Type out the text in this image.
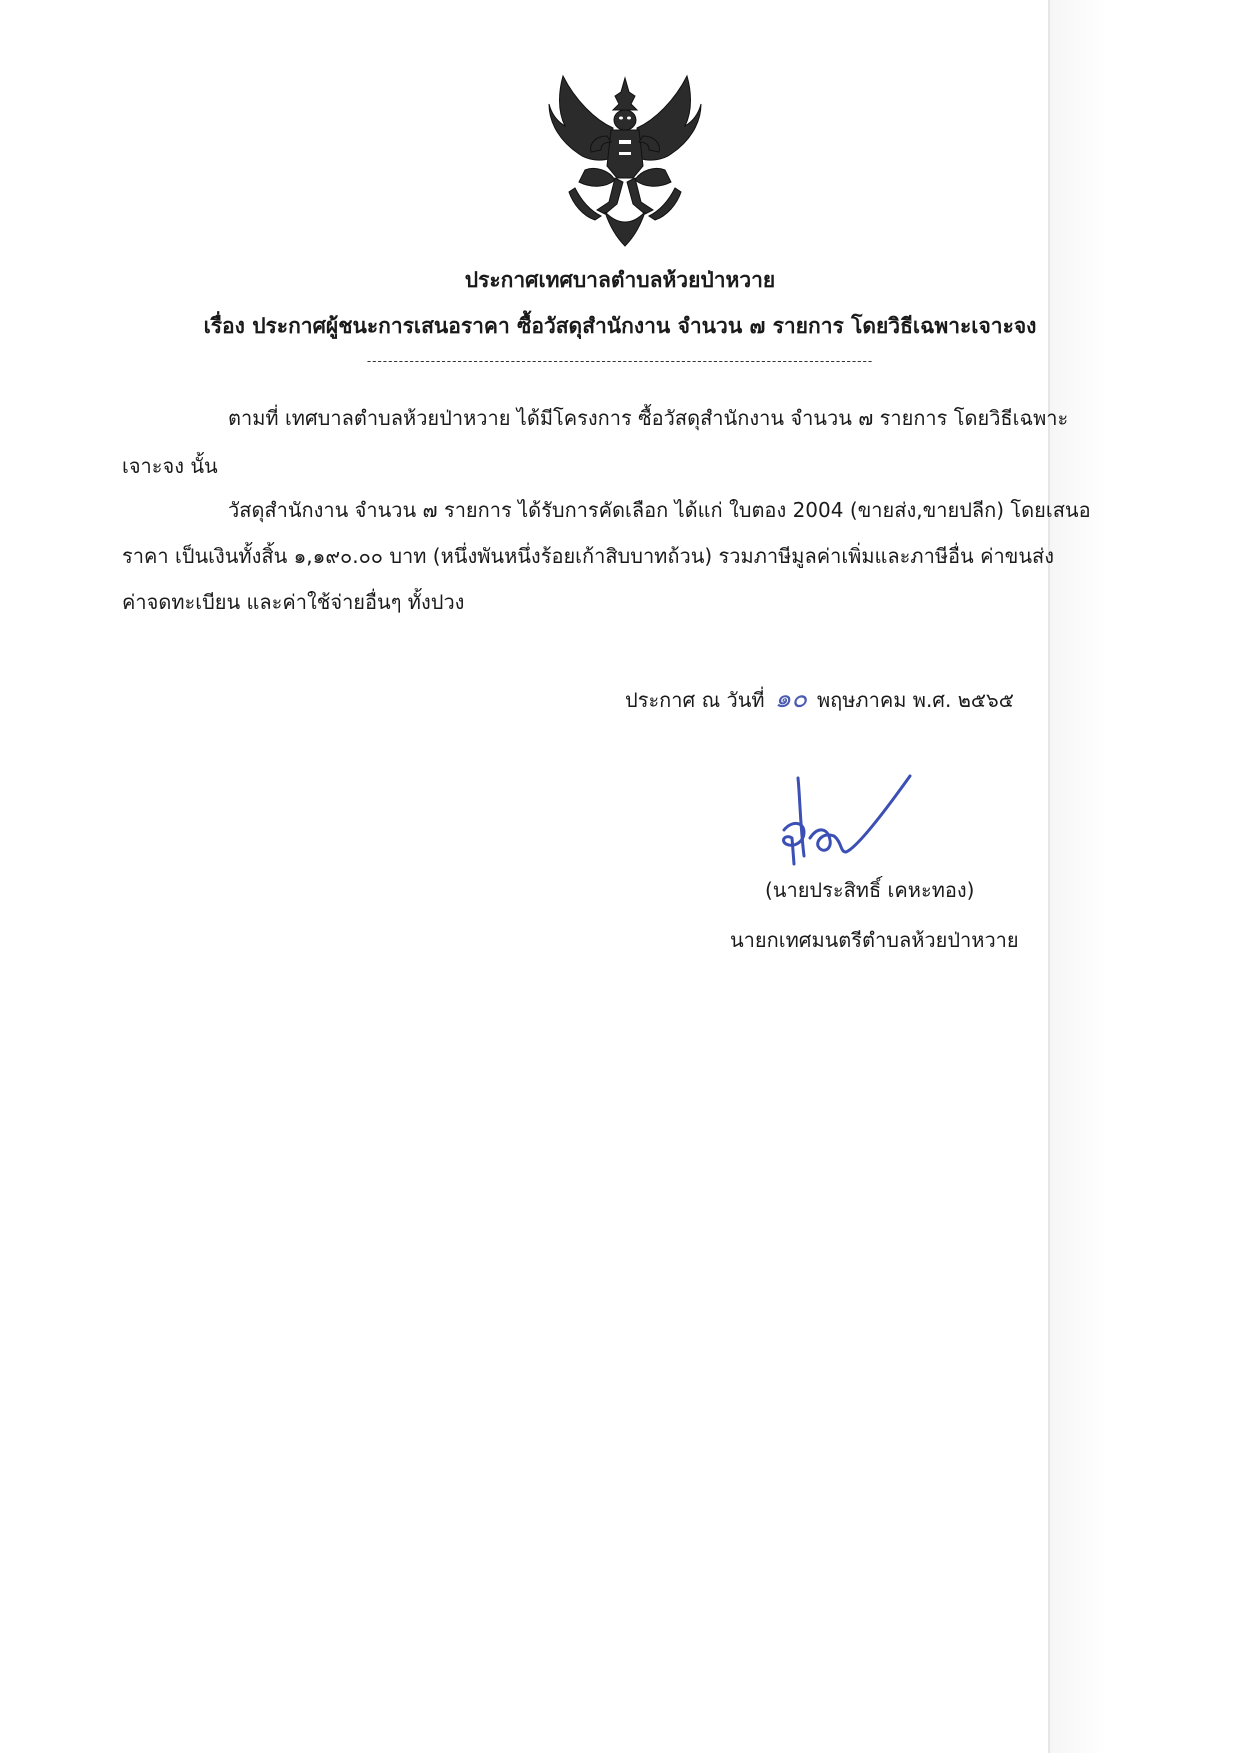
ประกาศเทศบาลตำบลห้วยป่าหวาย
เรื่อง ประกาศผู้ชนะการเสนอราคา ซื้อวัสดุสำนักงาน จำนวน ๗ รายการ โดยวิธีเฉพาะเจาะจง
-----------------------------------------------------------------------------------------------
ตามที่ เทศบาลตำบลห้วยป่าหวาย ได้มีโครงการ ซื้อวัสดุสำนักงาน จำนวน ๗ รายการ โดยวิธีเฉพาะ
เจาะจง นั้น
วัสดุสำนักงาน จำนวน ๗ รายการ ได้รับการคัดเลือก ได้แก่ ใบตอง 2004 (ขายส่ง,ขายปลีก) โดยเสนอ
ราคา เป็นเงินทั้งสิ้น ๑,๑๙๐.๐๐ บาท (หนึ่งพันหนึ่งร้อยเก้าสิบบาทถ้วน) รวมภาษีมูลค่าเพิ่มและภาษีอื่น ค่าขนส่ง
ค่าจดทะเบียน และค่าใช้จ่ายอื่นๆ ทั้งปวง
ประกาศ ณ วันที่ ๑๐ พฤษภาคม พ.ศ. ๒๕๖๕
(นายประสิทธิ์ เคหะทอง)
นายกเทศมนตรีตำบลห้วยป่าหวาย
